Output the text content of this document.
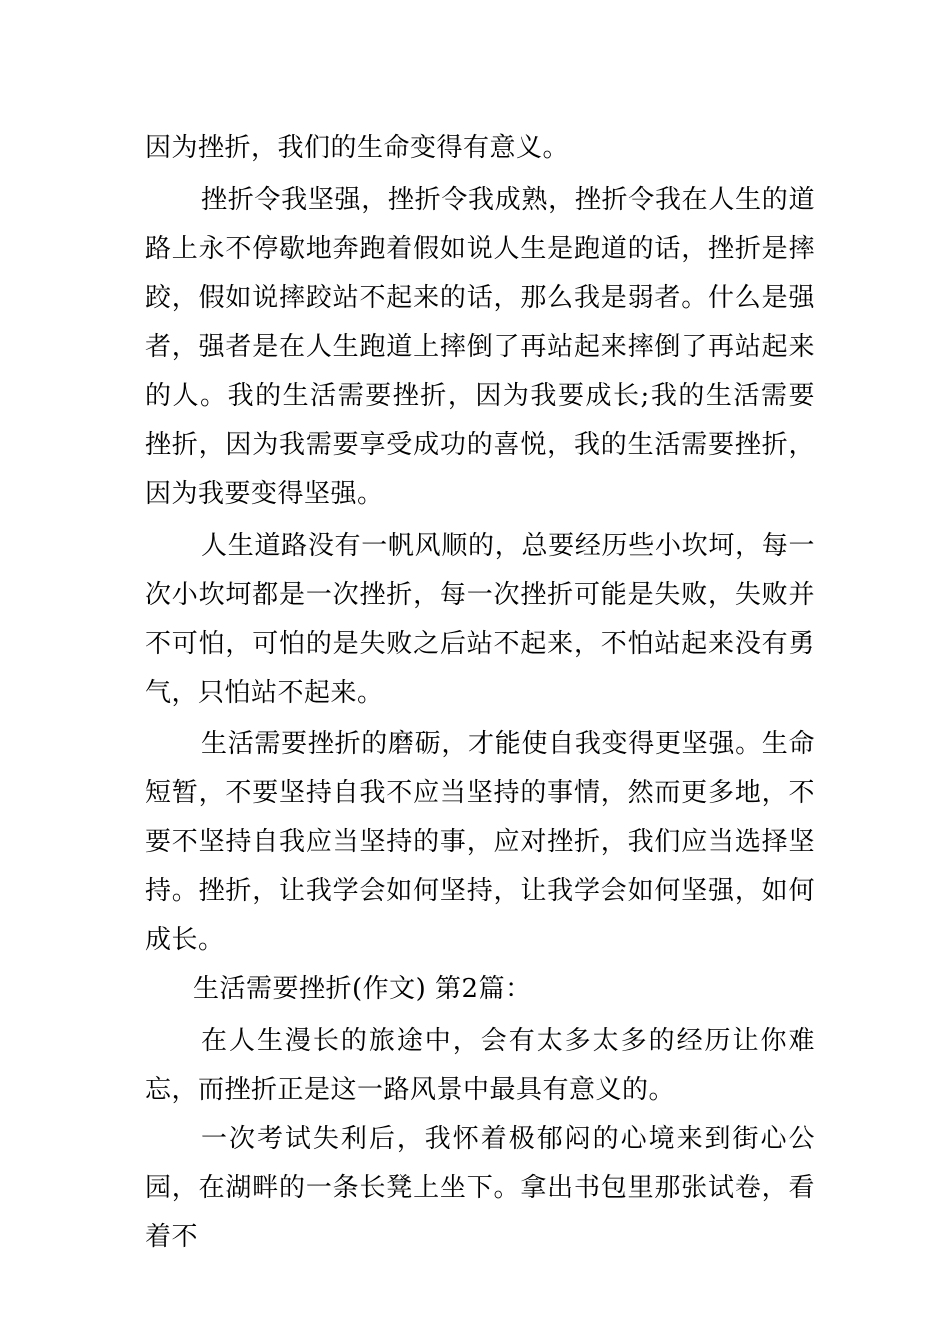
因为挫折，我们的生命变得有意义。

挫折令我坚强，挫折令我成熟，挫折令我在人生的道路上永不停歇地奔跑着假如说人生是跑道的话，挫折是摔跤，假如说摔跤站不起来的话，那么我是弱者。什么是强者，强者是在人生跑道上摔倒了再站起来摔倒了再站起来的人。我的生活需要挫折，因为我要成长;我的生活需要挫折，因为我需要享受成功的喜悦，我的生活需要挫折，因为我要变得坚强。

人生道路没有一帆风顺的，总要经历些小坎坷，每一次小坎坷都是一次挫折，每一次挫折可能是失败，失败并不可怕，可怕的是失败之后站不起来，不怕站起来没有勇气，只怕站不起来。

生活需要挫折的磨砺，才能使自我变得更坚强。生命短暂，不要坚持自我不应当坚持的事情，然而更多地，不要不坚持自我应当坚持的事，应对挫折，我们应当选择坚持。挫折，让我学会如何坚持，让我学会如何坚强，如何成长。

生活需要挫折(作文) 第2篇：

在人生漫长的旅途中，会有太多太多的经历让你难忘，而挫折正是这一路风景中最具有意义的。

一次考试失利后，我怀着极郁闷的心境来到街心公园，在湖畔的一条长凳上坐下。拿出书包里那张试卷，看着不
